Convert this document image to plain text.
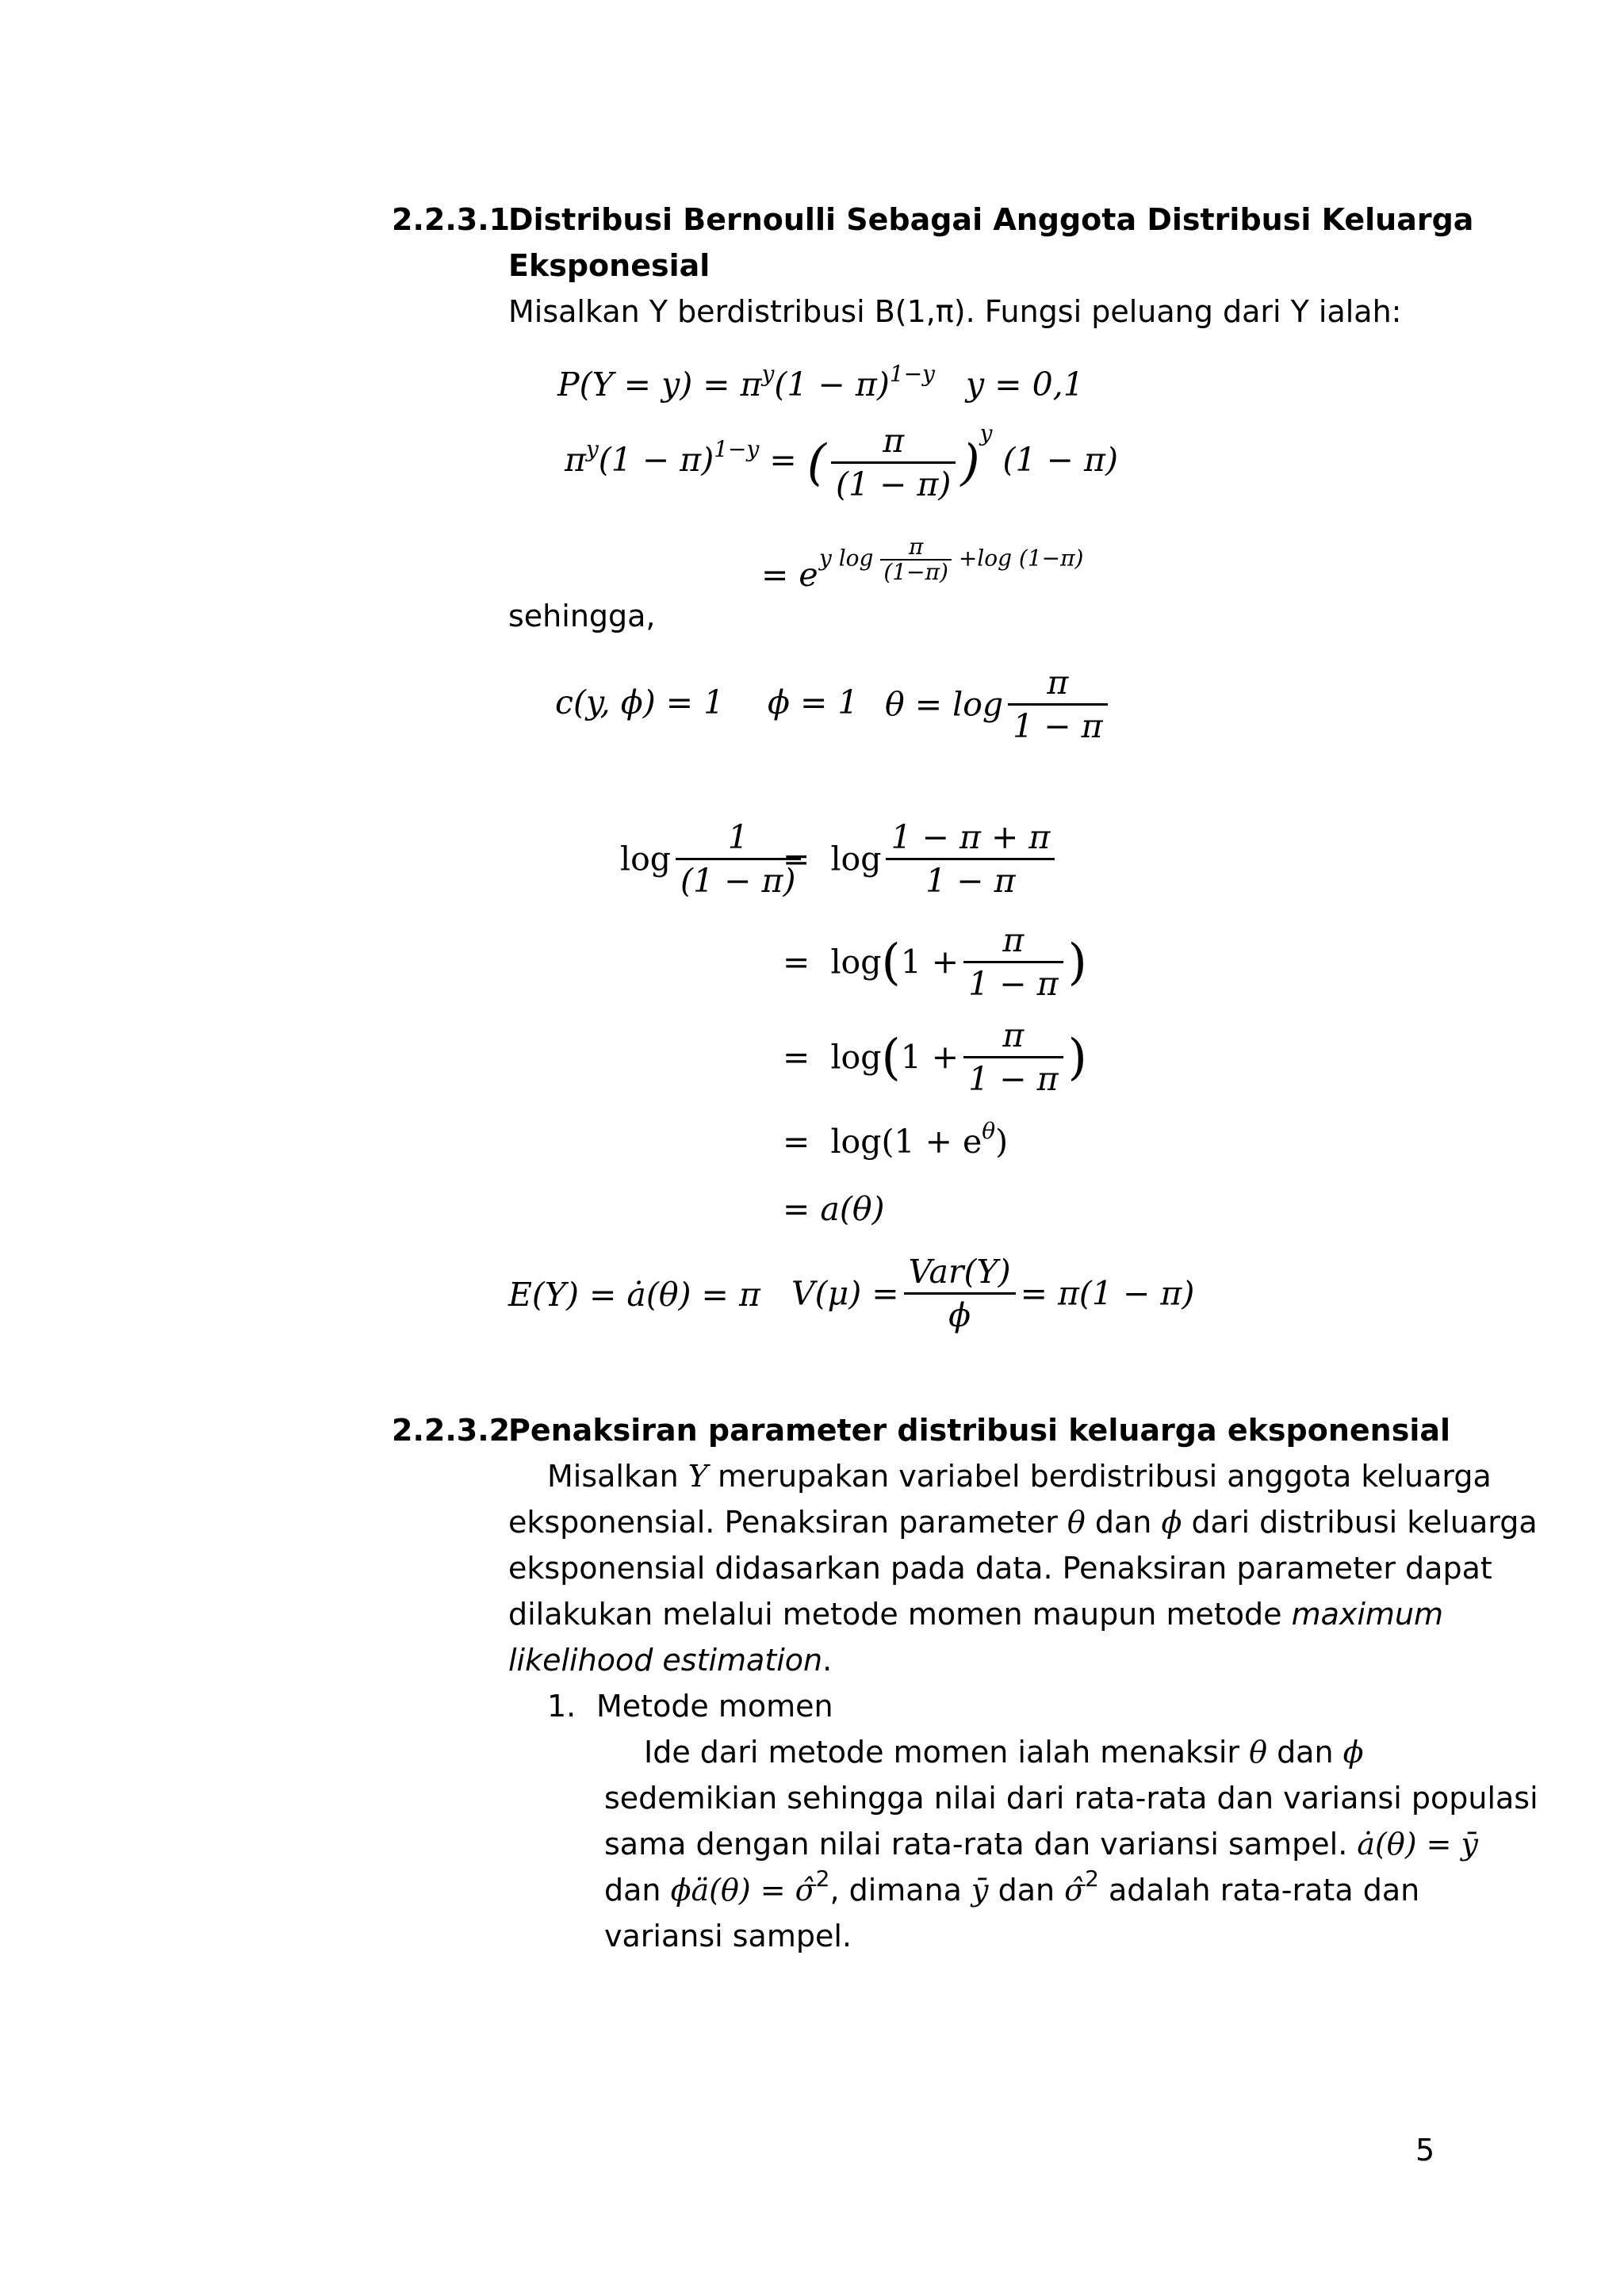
2.2.3.1
Distribusi Bernoulli Sebagai Anggota Distribusi Keluarga
Eksponesial
Misalkan Y berdistribusi B(1,π). Fungsi peluang dari Y ialah:
$P(Y = y) = \pi^y(1 - \pi)^{1-y}$ y = 0,1
$\pi^y(1 - \pi)^{1-y}$ = ( $\frac{\pi}{(1 - \pi)} )^y$ (1 − π)
= e y $\log \frac{\pi}{(1-\pi)} +\log$ (1−π)
sehingga,
c(y, ϕ) = 1 ϕ = 1 $\theta = \log \frac{\pi}{1 - \pi}$
$\log \frac{1}{(1 - \pi)}$
= $\log \frac{1 - \pi + \pi}{1 - \pi}$
= $\log(1 + \frac{\pi}{1 - \pi}$ )
= $\log(1 + \frac{\pi}{1 - \pi}$ )
= $\log(1 + e^\theta)$
= a(θ)
E(Y) = ȧ(θ) = π $V(\mu) = \frac{\text{Var(Y)}}{\phi} = \pi(1 - \pi)$
2.2.3.2
Penaksiran parameter distribusi keluarga eksponensial
Misalkan Y merupakan variabel berdistribusi anggota keluarga
eksponensial. Penaksiran parameter θ dan ϕ dari distribusi keluarga
eksponensial didasarkan pada data. Penaksiran parameter dapat
dilakukan melalui metode momen maupun metode maximum
likelihood estimation.
1. Metode momen
Ide dari metode momen ialah menaksir θ dan ϕ
sedemikian sehingga nilai dari rata-rata dan variansi populasi
sama dengan nilai rata-rata dan variansi sampel. ȧ(θ) = ȳ
dan ϕä(θ) = σ̂$^2$, dimana ȳ dan σ̂$^2$ adalah rata-rata dan
variansi sampel.
5
